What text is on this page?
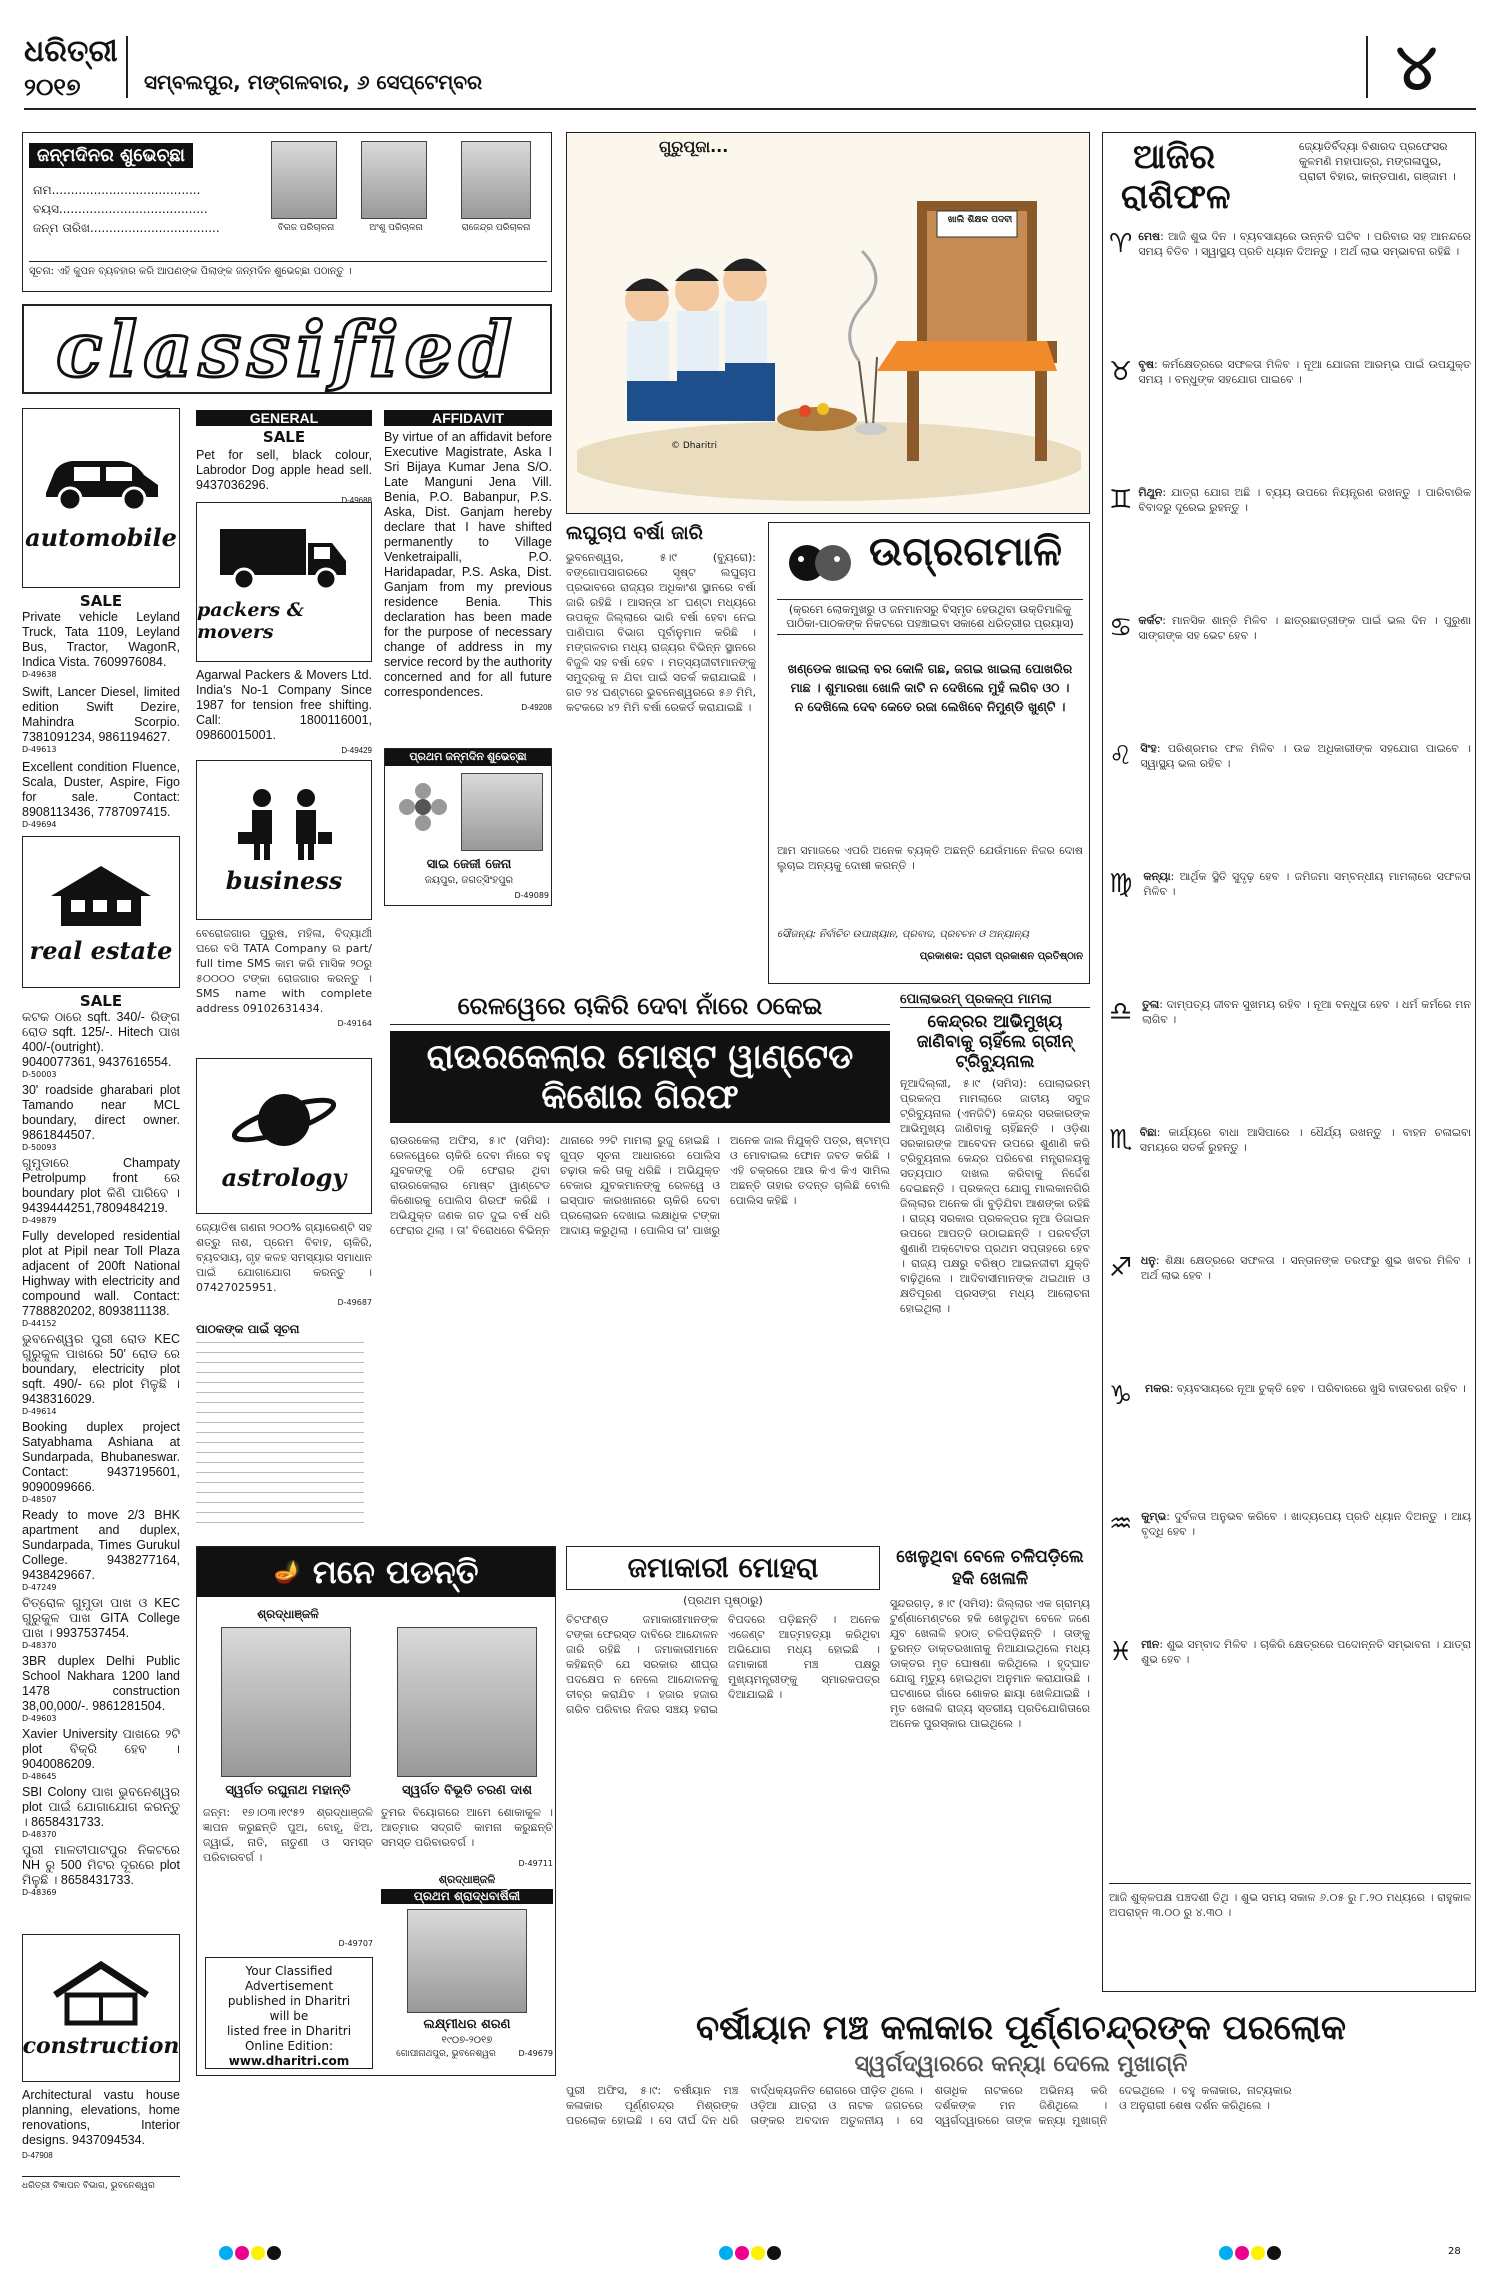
ଧରିତ୍ରୀ
୨୦୧୭	ସମ୍ବଲପୁର, ମଙ୍ଗଳବାର, ୬ ସେପ୍ଟେମ୍ବର	୪
ଜନ୍ମଦିନର ଶୁଭେଚ୍ଛା
ନାମ.......................................
ବୟସ.......................................
ଜନ୍ମ ତାରିଖ..................................	ବିରଜ ପରିଚାଳନା	ଅଂଶୁ ପରିଚାଳନା	ରାଜେନ୍ଦ୍ର ପରିଚାଳନା
ସୂଚନା: ଏହି କୁପନ ବ୍ୟବହାର କରି ଆପଣଙ୍କ ପିଲାଙ୍କ ଜନ୍ମଦିନ ଶୁଭେଚ୍ଛା ପଠାନ୍ତୁ ।
classified
automobile
SALE
Private vehicle Leyland Truck, Tata 1109, Leyland Bus, Tractor, WagonR, Indica Vista. 7609976084.
D-49638
Swift, Lancer Diesel, limited edition Swift Dezire, Mahindra Scorpio. 7381091234, 9861194627.
D-49613
Excellent condition Fluence, Scala, Duster, Aspire, Figo for sale. Contact: 8908113436, 7787097415.
D-49694
real estate
SALE
କଟକ ଠାରେ sqft. 340/- ରିଙ୍ଗ ରୋଡ sqft. 125/-. Hitech ପାଖ 400/-(outright). 9040077361, 9437616554.
D-50003
30' roadside gharabari plot Tamando near MCL boundary, direct owner. 9861844507.
D-50093
ଗୁମୁଡାରେ Champaty Petrolpump front ରେ boundary plot କିଣି ପାରିବେ । 9439444251,7809484219.
D-49879
Fully developed residential plot at Pipil near Toll Plaza adjacent of 200ft National Highway with electricity and compound wall. Contact: 7788820202, 8093811138.
D-44152
ଭୁବନେଶ୍ୱର ପୁରୀ ରୋଡ KEC ଗୁରୁକୁଳ ପାଖରେ 50' ରୋଡ ରେ boundary, electricity plot sqft. 490/- ରେ plot ମିଳୁଛି । 9438316029.
D-49614
Booking duplex project Satyabhama Ashiana at Sundarpada, Bhubaneswar. Contact: 9437195601, 9090099666.
D-48507
Ready to move 2/3 BHK apartment and duplex, Sundarpada, Times Gurukul College. 9438277164, 9438429667.
D-47249
ଚିତ୍ରୋଳ ଗୁମୁଡା ପାଖ ଓ KEC ଗୁରୁକୁଳ ପାଖ GITA College ପାଖ । 9937537454.
D-48370
3BR duplex Delhi Public School Nakhara 1200 land 1478 construction 38,00,000/-. 9861281504.
D-49603
Xavier University ପାଖରେ ୨ଟି plot ବିକ୍ରି ହେବ । 9040086209.
D-48645
SBI Colony ପାଖ ଭୁବନେଶ୍ୱର plot ପାଇଁ ଯୋଗାଯୋଗ କରନ୍ତୁ । 8658431733.
D-48370
ପୁରୀ ମାଳତୀପାଟପୁର ନିକଟରେ NH ରୁ 500 ମିଟର ଦୂରରେ plot ମିଳୁଛି । 8658431733.
D-48369
construction
Architectural vastu house planning, elevations, home renovations, Interior designs. 9437094534.
D-47908
ଧରିତ୍ରୀ ବିଜ୍ଞାପନ ବିଭାଗ, ଭୁବନେଶ୍ୱର
GENERAL
SALE
Pet for sell, black colour, Labrodor Dog apple head sell. 9437036296.
D-49688
packers & movers
Agarwal Packers & Movers Ltd. India's No-1 Company Since 1987 for tension free shifting. Call: 1800116001, 09860015001.
D-49429
business
ବେରୋଜଗାର ପୁରୁଷ, ମହିଳା, ବିଦ୍ୟାର୍ଥୀ ଘରେ ବସି TATA Company ର part/ full time SMS କାମ କରି ମାସିକ ୨୦ରୁ ୫୦୦୦୦ ଟଙ୍କା ରୋଜଗାର କରନ୍ତୁ । SMS name with complete address 09102631434.
D-49164
astrology
ଜ୍ୟୋତିଷ ଗଣନା ୨୦୦% ଗ୍ୟାରେଣ୍ଟି ସହ ଶତ୍ରୁ ନାଶ, ପ୍ରେମ ବିବାହ, ଚାକିରି, ବ୍ୟବସାୟ, ଗୃହ କଳହ ସମସ୍ୟାର ସମାଧାନ ପାଇଁ ଯୋଗାଯୋଗ କରନ୍ତୁ । 07427025951.
D-49687
AFFIDAVIT
By virtue of an affidavit before Executive Magistrate, Aska I Sri Bijaya Kumar Jena S/O. Late Manguni Jena Vill. Benia, P.O. Babanpur, P.S. Aska, Dist. Ganjam hereby declare that I have shifted permanently to Village Venketraipalli, P.O. Haridapadar, P.S. Aska, Dist. Ganjam from my previous residence Benia. This declaration has been made for the purpose of necessary change of address in my service record by the authority concerned and for all future correspondences.
D-49208
ପ୍ରଥମ ଜନ୍ମଦିନ ଶୁଭେଚ୍ଛା
ସାଇ ଜେଜୀ ଜେନା
ଜୟପୁର, ଜଗତ୍ସିଂହପୁର
D-49089
ପାଠକଙ୍କ ପାଇଁ ସୂଚନା
ଗୁରୁପୂଜା...
ଖାଲି ଶିକ୍ଷକ ପଦବୀ
© Dharitri
ଲଘୁଚାପ ବର୍ଷା ଜାରି
ଭୁବନେଶ୍ୱର, ୫।୯ (ବ୍ୟୁରୋ): ବଙ୍ଗୋପସାଗରରେ ସୃଷ୍ଟ ଲଘୁଚାପ ପ୍ରଭାବରେ ରାଜ୍ୟର ଅଧିକାଂଶ ସ୍ଥାନରେ ବର୍ଷା ଜାରି ରହିଛି । ଆସନ୍ତା ୪୮ ଘଣ୍ଟା ମଧ୍ୟରେ ଉପକୂଳ ଜିଲ୍ଲାରେ ଭାରି ବର୍ଷା ହେବା ନେଇ ପାଣିପାଗ ବିଭାଗ ପୂର୍ବାନୁମାନ କରିଛି । ମଙ୍ଗଳବାର ମଧ୍ୟ ରାଜ୍ୟର ବିଭିନ୍ନ ସ୍ଥାନରେ ବିଜୁଳି ସହ ବର୍ଷା ହେବ । ମତ୍ସ୍ୟଜୀବୀମାନଙ୍କୁ ସମୁଦ୍ରକୁ ନ ଯିବା ପାଇଁ ସତର୍କ କରାଯାଇଛି । ଗତ ୨୪ ଘଣ୍ଟାରେ ଭୁବନେଶ୍ୱରରେ ୫୬ ମିମି, କଟକରେ ୪୨ ମିମି ବର୍ଷା ରେକର୍ଡ କରାଯାଇଛି ।
ଉଗ୍ରଗମାଳି
(କ୍ରମେ ଲୋକମୁଖରୁ ଓ ଜନମାନସରୁ ବିସ୍ମୃତ ହେଉଥିବା ଉକ୍ତିମାଳିକୁ ପାଠିକା-ପାଠକଙ୍କ ନିକଟରେ ପହଞ୍ଚାଇବା ସକାଶେ ଧରିତ୍ରୀର ପ୍ରୟାସ)
ଖଣ୍ଡେକ ଖାଇଲା ବର କୋଳି ଗଛ, ଜଗଇ ଖାଇଲା ପୋଖରିର ମାଛ । ଶୁମାରଖା ଖୋଳି କାଟି ନ ଦେଖିଲେ ମୁହଁ ଲଗିବ ଓଠ । ନ ଦେଖିଲେ ଦେବ କେତେ ରଜା ଲେଖିବେ ନିମୁଣ୍ଡି ଖୁଣ୍ଟି ।
ଆମ ସମାଜରେ ଏପରି ଅନେକ ବ୍ୟକ୍ତି ଅଛନ୍ତି ଯେଉଁମାନେ ନିଜର ଦୋଷ ଲୁଚାଇ ଅନ୍ୟକୁ ଦୋଷୀ କରନ୍ତି ।
ସୌଜନ୍ୟ: ନିର୍ବାଚିତ ଉପାଖ୍ୟାନ, ପ୍ରବାଦ, ପ୍ରବଚନ ଓ ଅନ୍ୟାନ୍ୟ
ପ୍ରକାଶକ: ପ୍ରାଚୀ ପ୍ରକାଶନ ପ୍ରତିଷ୍ଠାନ
ରେଳୱେରେ ଚାକିରି ଦେବା ନାଁରେ ଠକେଇ
ରାଉରକେଲାର ମୋଷ୍ଟ ୱାଣ୍ଟେଡ କିଶୋର ଗିରଫ
ରାଉରକେଲା ଅଫିସ, ୫।୯ (ସମିସ): ରେଳୱେରେ ଚାକିରି ଦେବା ନାଁରେ ବହୁ ଯୁବକଙ୍କୁ ଠକି ଫେରାର ଥିବା ରାଉରକେଲାର ମୋଷ୍ଟ ୱାଣ୍ଟେଡ କିଶୋରକୁ ପୋଲିସ ଗିରଫ କରିଛି । ଅଭିଯୁକ୍ତ ଜଣକ ଗତ ଦୁଇ ବର୍ଷ ଧରି ଫେରାର ଥିଲା । ତା' ବିରୋଧରେ ବିଭିନ୍ନ ଥାନାରେ ୨୨ଟି ମାମଲା ରୁଜୁ ହୋଇଛି । ଗୁପ୍ତ ସୂଚନା ଆଧାରରେ ପୋଲିସ ଚଢ଼ାଉ କରି ତାକୁ ଧରିଛି । ଅଭିଯୁକ୍ତ ବେକାର ଯୁବକମାନଙ୍କୁ ରେଳୱେ ଓ ଇସ୍ପାତ କାରଖାନାରେ ଚାକିରି ଦେବା ପ୍ରଲୋଭନ ଦେଖାଇ ଲକ୍ଷାଧିକ ଟଙ୍କା ଆଦାୟ କରୁଥିଲା । ପୋଲିସ ତା' ପାଖରୁ ଅନେକ ଜାଲ ନିଯୁକ୍ତି ପତ୍ର, ଷ୍ଟାମ୍ପ ଓ ମୋବାଇଲ ଫୋନ ଜବତ କରିଛି । ଏହି ଚକ୍ରରେ ଆଉ କିଏ କିଏ ସାମିଲ ଅଛନ୍ତି ତାହାର ତଦନ୍ତ ଚାଲିଛି ବୋଲି ପୋଲିସ କହିଛି ।
ପୋଲାଭରମ୍ ପ୍ରକଳ୍ପ ମାମଲା
କେନ୍ଦ୍ରର ଆଭିମୁଖ୍ୟ ଜାଣିବାକୁ ଚାହିଁଲେ ଗ୍ରୀନ୍ ଟ୍ରିବ୍ୟୁନାଲ
ନୂଆଦିଲ୍ଲୀ, ୫।୯ (ସମିସ): ପୋଲାଭରମ୍ ପ୍ରକଳ୍ପ ମାମଲାରେ ଜାତୀୟ ସବୁଜ ଟ୍ରିବ୍ୟୁନାଲ (ଏନଜିଟି) କେନ୍ଦ୍ର ସରକାରଙ୍କ ଆଭିମୁଖ୍ୟ ଜାଣିବାକୁ ଚାହିଁଛନ୍ତି । ଓଡ଼ିଶା ସରକାରଙ୍କ ଆବେଦନ ଉପରେ ଶୁଣାଣି କରି ଟ୍ରିବ୍ୟୁନାଲ କେନ୍ଦ୍ର ପରିବେଶ ମନ୍ତ୍ରାଳୟକୁ ସତ୍ୟପାଠ ଦାଖଲ କରିବାକୁ ନିର୍ଦ୍ଦେଶ ଦେଇଛନ୍ତି । ପ୍ରକଳ୍ପ ଯୋଗୁ ମାଲକାନଗିରି ଜିଲ୍ଲାର ଅନେକ ଗାଁ ବୁଡ଼ିଯିବା ଆଶଙ୍କା ରହିଛି । ରାଜ୍ୟ ସରକାର ପ୍ରକଳ୍ପର ନୂଆ ଡିଜାଇନ ଉପରେ ଆପତ୍ତି ଉଠାଇଛନ୍ତି । ପରବର୍ତ୍ତୀ ଶୁଣାଣି ଅକ୍ଟୋବର ପ୍ରଥମ ସପ୍ତାହରେ ହେବ । ରାଜ୍ୟ ପକ୍ଷରୁ ବରିଷ୍ଠ ଆଇନଜୀବୀ ଯୁକ୍ତି ବାଢ଼ିଥିଲେ । ଆଦିବାସୀମାନଙ୍କ ଥଇଥାନ ଓ କ୍ଷତିପୂରଣ ପ୍ରସଙ୍ଗ ମଧ୍ୟ ଆଲୋଚନା ହୋଇଥିଲା ।
🪔 ମନେ ପଡନ୍ତି
ଶ୍ରଦ୍ଧାଞ୍ଜଳି
ସ୍ୱର୍ଗତ ରଘୁନାଥ ମହାନ୍ତି
ଜନ୍ମ: ୧୭।୦୩।୧୯୫୨ ଶ୍ରଦ୍ଧାଞ୍ଜଳି ଜ୍ଞାପନ କରୁଛନ୍ତି ପୁଅ, ବୋହୂ, ଝିଅ, ଜ୍ୱାଇଁ, ନାତି, ନାତୁଣୀ ଓ ସମସ୍ତ ପରିବାରବର୍ଗ ।
D-49707
ସ୍ୱର୍ଗତ ବିଭୂତି ଚରଣ ଦାଶ
ତୁମର ବିୟୋଗରେ ଆମେ ଶୋକାକୁଳ । ଆତ୍ମାର ସଦ୍‌ଗତି କାମନା କରୁଛନ୍ତି ସମସ୍ତ ପରିବାରବର୍ଗ ।
D-49711
ଶ୍ରଦ୍ଧାଞ୍ଜଳି
ପ୍ରଥମ ଶ୍ରାଦ୍ଧବାର୍ଷିକୀ
ଲକ୍ଷ୍ମୀଧର ଶରଣ
୧୯୦୭-୨୦୧୭
ଗୋପୀନାଥପୁର, ଭୁବନେଶ୍ୱର	D-49679
Your Classified
Advertisement
published in Dharitri
will be
listed free in Dharitri
Online Edition:
www.dharitri.com
ଜମାକାରୀ ମୋହରା
(ପ୍ରଥମ ପୃଷ୍ଠାରୁ)
ଚିଟଫଣ୍ଡ ଜମାକାରୀମାନଙ୍କ ଟଙ୍କା ଫେରସ୍ତ ଦାବିରେ ଆନ୍ଦୋଳନ ଜାରି ରହିଛି । ଜମାକାରୀମାନେ କହିଛନ୍ତି ଯେ ସରକାର ଶୀଘ୍ର ପଦକ୍ଷେପ ନ ନେଲେ ଆନ୍ଦୋଳନକୁ ତୀବ୍ର କରାଯିବ । ହଜାର ହଜାର ଗରିବ ପରିବାର ନିଜର ସଞ୍ଚୟ ହରାଇ ବିପଦରେ ପଡ଼ିଛନ୍ତି । ଅନେକ ଏଜେଣ୍ଟ ଆତ୍ମହତ୍ୟା କରିଥିବା ଅଭିଯୋଗ ମଧ୍ୟ ହୋଇଛି । ଜମାକାରୀ ମଞ୍ଚ ପକ୍ଷରୁ ମୁଖ୍ୟମନ୍ତ୍ରୀଙ୍କୁ ସ୍ମାରକପତ୍ର ଦିଆଯାଇଛି ।
ଖେଳୁଥିବା ବେଳେ ଚଳିପଡ଼ିଲେ ହକି ଖେଳାଳି
ସୁନ୍ଦରଗଡ଼, ୫।୯ (ସମିସ): ଜିଲ୍ଲାର ଏକ ଗ୍ରାମ୍ୟ ଟୁର୍ଣ୍ଣାମେଣ୍ଟରେ ହକି ଖେଳୁଥିବା ବେଳେ ଜଣେ ଯୁବ ଖେଳାଳି ହଠାତ୍ ଚଳିପଡ଼ିଛନ୍ତି । ତାଙ୍କୁ ତୁରନ୍ତ ଡାକ୍ତରଖାନାକୁ ନିଆଯାଇଥିଲେ ମଧ୍ୟ ଡାକ୍ତର ମୃତ ଘୋଷଣା କରିଥିଲେ । ହୃଦ୍‌ଘାତ ଯୋଗୁ ମୃତ୍ୟୁ ହୋଇଥିବା ଅନୁମାନ କରାଯାଉଛି । ଘଟଣାରେ ଗାଁରେ ଶୋକର ଛାୟା ଖେଳିଯାଇଛି । ମୃତ ଖେଳାଳି ରାଜ୍ୟ ସ୍ତରୀୟ ପ୍ରତିଯୋଗିତାରେ ଅନେକ ପୁରସ୍କାର ପାଇଥିଲେ ।
ବର୍ଷୀୟାନ ମଞ୍ଚ କଳାକାର ପୂର୍ଣ୍ଣଚନ୍ଦ୍ରଙ୍କ ପରଲୋକ
ସ୍ୱର୍ଗଦ୍ୱାରରେ କନ୍ୟା ଦେଲେ ମୁଖାଗ୍ନି
ପୁରୀ ଅଫିସ, ୫।୯: ବର୍ଷୀୟାନ ମଞ୍ଚ କଳାକାର ପୂର୍ଣ୍ଣଚନ୍ଦ୍ର ମିଶ୍ରଙ୍କ ପରଲୋକ ହୋଇଛି । ସେ ଦୀର୍ଘ ଦିନ ଧରି ବାର୍ଦ୍ଧକ୍ୟଜନିତ ରୋଗରେ ପୀଡ଼ିତ ଥିଲେ । ଓଡ଼ିଆ ଯାତ୍ରା ଓ ନାଟକ ଜଗତରେ ତାଙ୍କର ଅବଦାନ ଅତୁଳନୀୟ । ସେ ଶତାଧିକ ନାଟକରେ ଅଭିନୟ କରି ଦର୍ଶକଙ୍କ ମନ ଜିଣିଥିଲେ । ସ୍ୱର୍ଗଦ୍ୱାରରେ ତାଙ୍କ କନ୍ୟା ମୁଖାଗ୍ନି ଦେଇଥିଲେ । ବହୁ କଳାକାର, ନାଟ୍ୟକାର ଓ ଅନୁରାଗୀ ଶେଷ ଦର୍ଶନ କରିଥିଲେ ।
ଆଜିର
ରାଶିଫଳ
ଜ୍ୟୋତିର୍ବିଦ୍ୟା ବିଶାରଦ ପ୍ରଫେସର କୁଳମଣି ମହାପାତ୍ର, ମଙ୍ଗଳାପୁର, ପ୍ରାଚୀ ବିହାର, କାନ୍ତପାଣ, ଗଞ୍ଜାମ ।
♈ ମେଷ: ଆଜି ଶୁଭ ଦିନ । ବ୍ୟବସାୟରେ ଉନ୍ନତି ଘଟିବ । ପରିବାର ସହ ଆନନ୍ଦରେ ସମୟ ବିତିବ । ସ୍ୱାସ୍ଥ୍ୟ ପ୍ରତି ଧ୍ୟାନ ଦିଅନ୍ତୁ । ଅର୍ଥ ଲାଭ ସମ୍ଭାବନା ରହିଛି ।
♉ ବୃଷ: କର୍ମକ୍ଷେତ୍ରରେ ସଫଳତା ମିଳିବ । ନୂଆ ଯୋଜନା ଆରମ୍ଭ ପାଇଁ ଉପଯୁକ୍ତ ସମୟ । ବନ୍ଧୁଙ୍କ ସହଯୋଗ ପାଇବେ ।
♊ ମିଥୁନ: ଯାତ୍ରା ଯୋଗ ଅଛି । ବ୍ୟୟ ଉପରେ ନିୟନ୍ତ୍ରଣ ରଖନ୍ତୁ । ପାରିବାରିକ ବିବାଦରୁ ଦୂରେଇ ରୁହନ୍ତୁ ।
♋ କର୍କଟ: ମାନସିକ ଶାନ୍ତି ମିଳିବ । ଛାତ୍ରଛାତ୍ରୀଙ୍କ ପାଇଁ ଭଲ ଦିନ । ପୁରୁଣା ସାଙ୍ଗଙ୍କ ସହ ଭେଟ ହେବ ।
♌ ସିଂହ: ପରିଶ୍ରମର ଫଳ ମିଳିବ । ଉଚ୍ଚ ଅଧିକାରୀଙ୍କ ସହଯୋଗ ପାଇବେ । ସ୍ୱାସ୍ଥ୍ୟ ଭଲ ରହିବ ।
♍	କନ୍ୟା: ଆର୍ଥିକ ସ୍ଥିତି ସୁଦୃଢ଼ ହେବ । ଜମିଜମା ସମ୍ବନ୍ଧୀୟ ମାମଲାରେ ସଫଳତା ମିଳିବ ।
♎ ତୁଳା: ଦାମ୍ପତ୍ୟ ଜୀବନ ସୁଖମୟ ରହିବ । ନୂଆ ବନ୍ଧୁତା ହେବ । ଧର୍ମ କର୍ମରେ ମନ ଲାଗିବ ।
♏ ବିଛା: କାର୍ଯ୍ୟରେ ବାଧା ଆସିପାରେ । ଧୈର୍ଯ୍ୟ ରଖନ୍ତୁ । ବାହନ ଚଳାଇବା ସମୟରେ ସତର୍କ ରୁହନ୍ତୁ ।
♐ ଧନୁ: ଶିକ୍ଷା କ୍ଷେତ୍ରରେ ସଫଳତା । ସନ୍ତାନଙ୍କ ତରଫରୁ ଶୁଭ ଖବର ମିଳିବ । ଅର୍ଥ ଲାଭ ହେବ ।
♑	ମକର: ବ୍ୟବସାୟରେ ନୂଆ ଚୁକ୍ତି ହେବ । ପରିବାରରେ ଖୁସି ବାତାବରଣ ରହିବ ।
♒ କୁମ୍ଭ: ଦୁର୍ବଳତା ଅନୁଭବ କରିବେ । ଖାଦ୍ୟପେୟ ପ୍ରତି ଧ୍ୟାନ ଦିଅନ୍ତୁ । ଆୟ ବୃଦ୍ଧି ହେବ ।
♓ ମୀନ: ଶୁଭ ସମ୍ବାଦ ମିଳିବ । ଚାକିରି କ୍ଷେତ୍ରରେ ପଦୋନ୍ନତି ସମ୍ଭାବନା । ଯାତ୍ରା ଶୁଭ ହେବ ।
ଆଜି ଶୁକ୍ଳପକ୍ଷ ପଞ୍ଚଦଶୀ ତିଥି । ଶୁଭ ସମୟ ସକାଳ ୬.୦୫ ରୁ ୮.୨୦ ମଧ୍ୟରେ । ରାହୁକାଳ ଅପରାହ୍ନ ୩.୦୦ ରୁ ୪.୩୦ ।
28
